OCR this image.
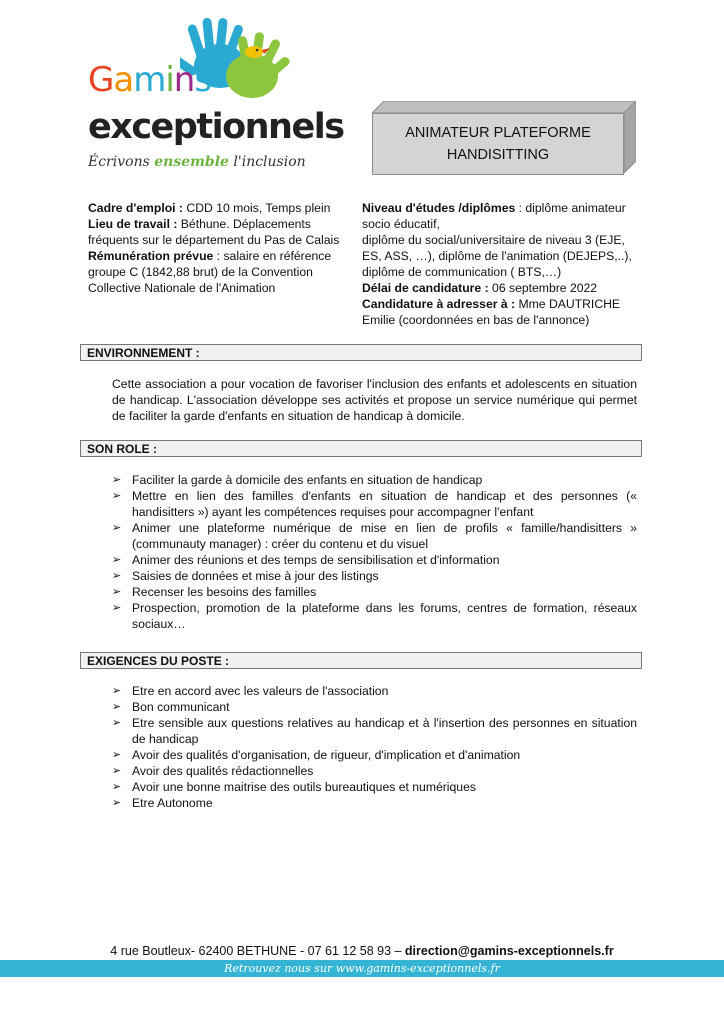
Gamins
exceptionnels
Écrivons ensemble l'inclusion
ANIMATEUR PLATEFORME
HANDISITTING

Cadre d'emploi : CDD 10 mois, Temps plein

Lieu de travail : Béthune. Déplacements fréquents sur le département du Pas de Calais

Rémunération prévue : salaire en référence groupe C (1842,88 brut) de la Convention Collective Nationale de l'Animation

Niveau d'études /diplômes : diplôme animateur socio éducatif,

diplôme du social/universitaire de niveau 3 (EJE, ES, ASS, …), diplôme de l'animation (DEJEPS,..), diplôme de communication ( BTS,…)

Délai de candidature : 06 septembre 2022

Candidature à adresser à : Mme DAUTRICHE Emilie (coordonnées en bas de l'annonce)

ENVIRONNEMENT :

Cette association a pour vocation de favoriser l'inclusion des enfants et adolescents en situation de handicap. L'association développe ses activités et propose un service numérique qui permet de faciliter la garde d'enfants en situation de handicap à domicile.

SON ROLE :
➢ Faciliter la garde à domicile des enfants en situation de handicap
➢ Mettre en lien des familles d'enfants en situation de handicap et des personnes (« handisitters ») ayant les compétences requises pour accompagner l'enfant
➢ Animer une plateforme numérique de mise en lien de profils « famille/handisitters » (communauty manager) : créer du contenu et du visuel
➢ Animer des réunions et des temps de sensibilisation et d'information
➢ Saisies de données et mise à jour des listings
➢ Recenser les besoins des familles
➢ Prospection, promotion de la plateforme dans les forums, centres de formation, réseaux sociaux…
EXIGENCES DU POSTE :
➢ Etre en accord avec les valeurs de l'association
➢ Bon communicant
➢ Etre sensible aux questions relatives au handicap et à l'insertion des personnes en situation de handicap
➢ Avoir des qualités d'organisation, de rigueur, d'implication et d'animation
➢ Avoir des qualités rédactionnelles
➢ Avoir une bonne maitrise des outils bureautiques et numériques
➢ Etre Autonome
4 rue Boutleux- 62400 BETHUNE - 07 61 12 58 93 – direction@gamins-exceptionnels.fr
Retrouvez nous sur www.gamins-exceptionnels.fr
